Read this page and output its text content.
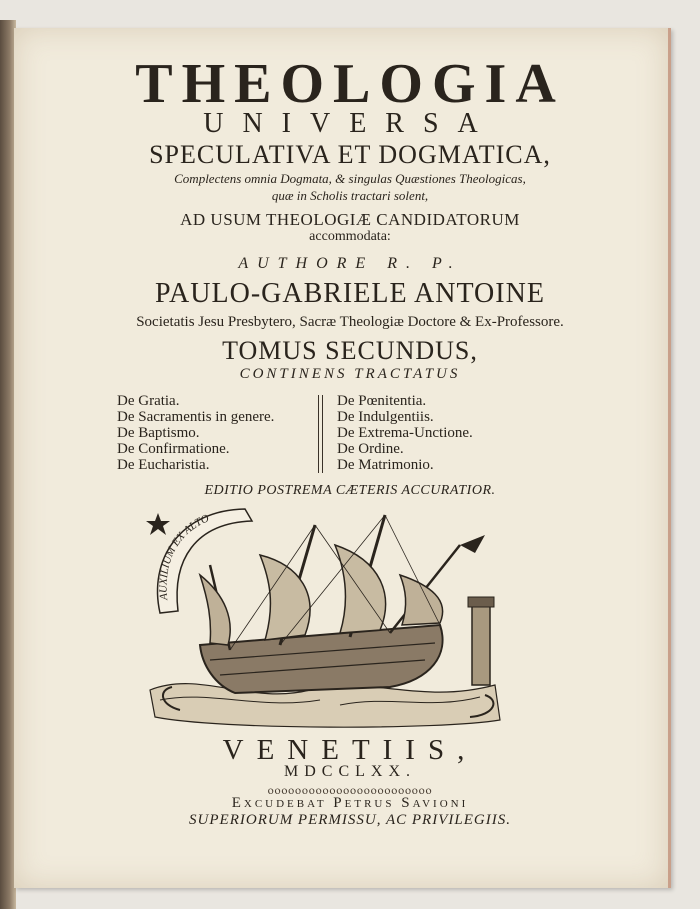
THEOLOGIA
UNIVERSA
SPECULATIVA ET DOGMATICA,
Complectens omnia Dogmata, & singulas Quæstiones Theologicas,
quæ in Scholis tractari solent,
AD USUM THEOLOGIÆ CANDIDATORUM
accommodata:
AUTHORE R. P.
PAULO-GABRIELE ANTOINE
Societatis Jesu Presbytero, Sacræ Theologiæ Doctore & Ex-Professore.
TOMUS SECUNDUS,
CONTINENS TRACTATUS
De Gratia.
De Sacramentis in genere.
De Baptismo.
De Confirmatione.
De Eucharistia.
De Pœnitentia.
De Indulgentiis.
De Extrema-Unctione.
De Ordine.
De Matrimonio.
EDITIO POSTREMA CÆTERIS ACCURATIOR.
AUXILIUM EX ALTO
VENETIIS,
MDCCLXX.
ⲟⲟⲟⲟⲟⲟⲟⲟⲟⲟⲟⲟⲟⲟⲟⲟⲟⲟⲟⲟⲟⲟⲟⲟ
Excudebat Petrus Savioni
SUPERIORUM PERMISSU, AC PRIVILEGIIS.
